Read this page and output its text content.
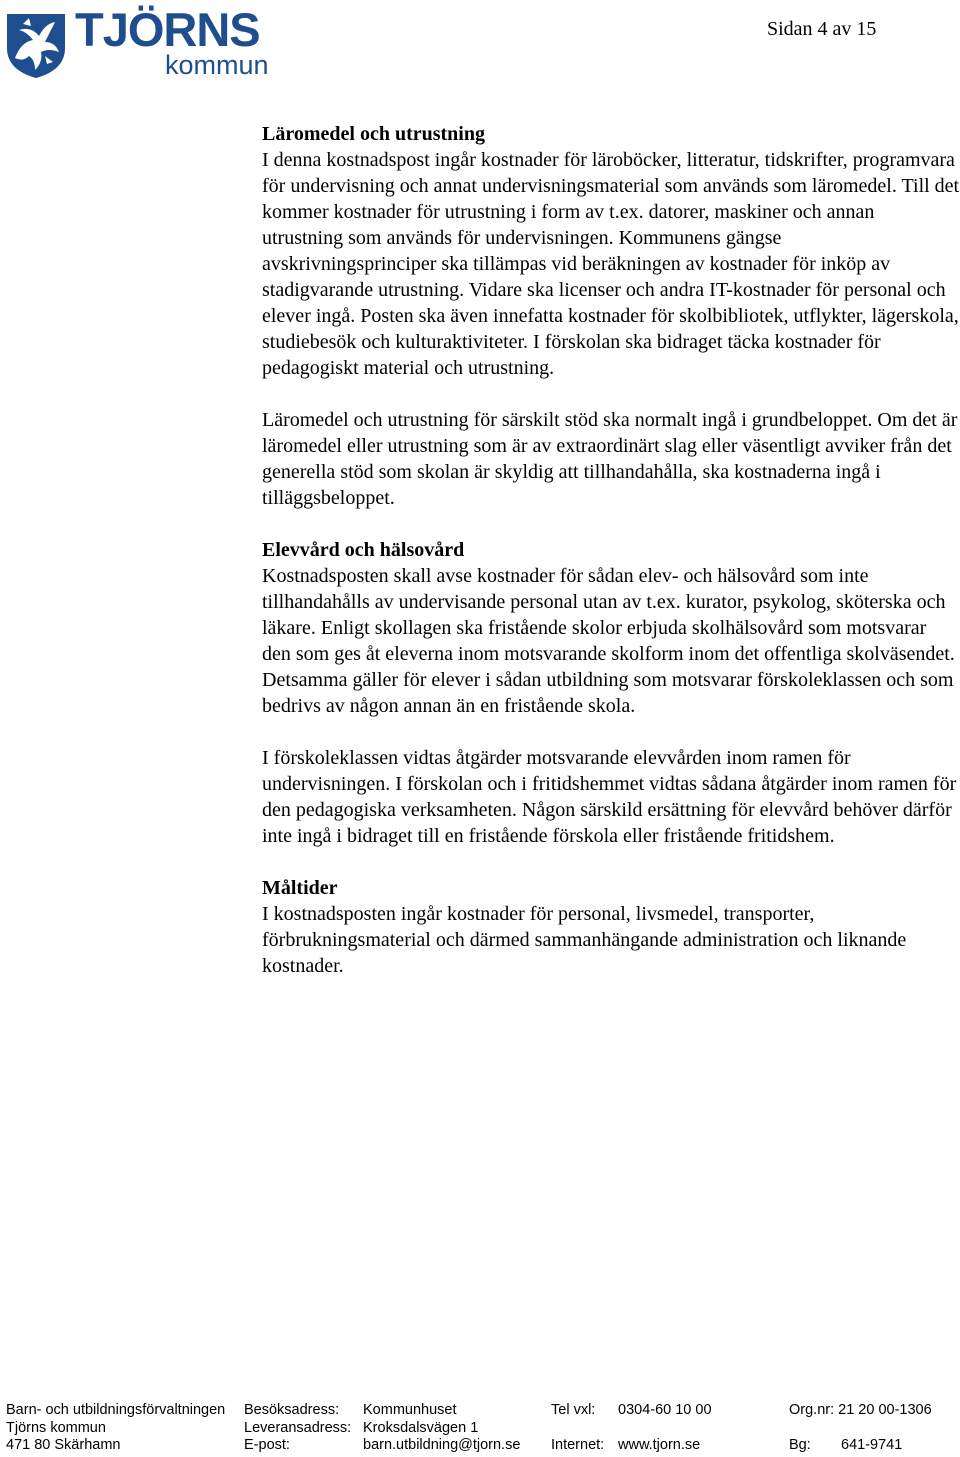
TJÖRNS
kommun
Sidan 4 av 15

Läromedel och utrustning

I denna kostnadspost ingår kostnader för läroböcker, litteratur, tidskrifter, programvara för undervisning och annat undervisningsmaterial som används som läromedel. Till det kommer kostnader för utrustning i form av t.ex. datorer, maskiner och annan utrustning som används för undervisningen. Kommunens gängse avskrivningsprinciper ska tillämpas vid beräkningen av kostnader för inköp av stadigvarande utrustning. Vidare ska licenser och andra IT-kostnader för personal och elever ingå. Posten ska även innefatta kostnader för skolbibliotek, utflykter, lägerskola, studiebesök och kulturaktiviteter. I förskolan ska bidraget täcka kostnader för pedagogiskt material och utrustning.

Läromedel och utrustning för särskilt stöd ska normalt ingå i grundbeloppet. Om det är läromedel eller utrustning som är av extraordinärt slag eller väsentligt avviker från det generella stöd som skolan är skyldig att tillhandahålla, ska kostnaderna ingå i tilläggsbeloppet.

Elevvård och hälsovård

Kostnadsposten skall avse kostnader för sådan elev- och hälsovård som inte tillhandahålls av undervisande personal utan av t.ex. kurator, psykolog, sköterska och läkare. Enligt skollagen ska fristående skolor erbjuda skolhälsovård som motsvarar den som ges åt eleverna inom motsvarande skolform inom det offentliga skolväsendet. Detsamma gäller för elever i sådan utbildning som motsvarar förskoleklassen och som bedrivs av någon annan än en fristående skola.

I förskoleklassen vidtas åtgärder motsvarande elevvården inom ramen för undervisningen. I förskolan och i fritidshemmet vidtas sådana åtgärder inom ramen för den pedagogiska verksamheten. Någon särskild ersättning för elevvård behöver därför inte ingå i bidraget till en fristående förskola eller fristående fritidshem.

Måltider

I kostnadsposten ingår kostnader för personal, livsmedel, transporter, förbrukningsmaterial och därmed sammanhängande administration och liknande kostnader.

Barn- och utbildningsförvaltningen Besöksadress: Kommunhuset	Tel vxl: 0304-60 10 00	Org.nr: 21 20 00-1306
Tjörns kommun	Leveransadress: Kroksdalsvägen 1
471 80 Skärhamn	E-post:	barn.utbildning@tjorn.se Internet: www.tjorn.se	Bg: 641-9741
